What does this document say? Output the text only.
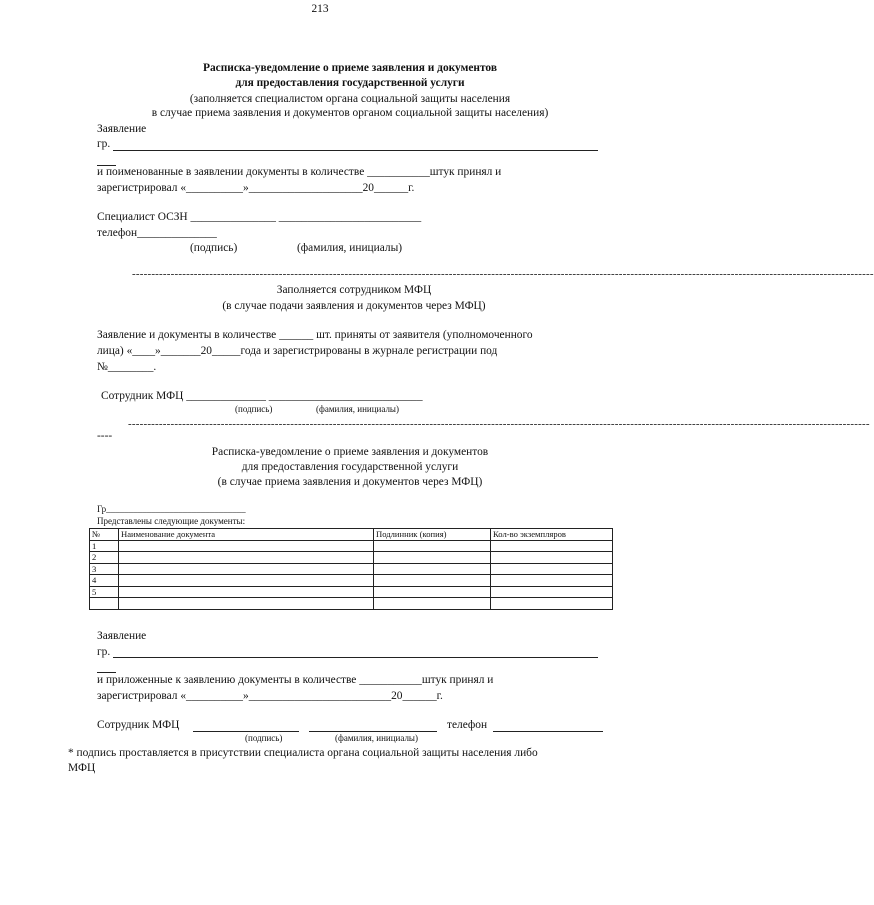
213
Расписка-уведомление о приеме заявления и документов
для предоставления государственной услуги
(заполняется специалистом органа социальной защиты населения
в случае приема заявления и документов органом социальной защиты населения)
Заявление
гр.
и поименованные в заявлении документы в количестве ___________штук принял и
зарегистрировал «__________»____________________20______г.
Специалист ОСЗН _______________ _________________________
телефон______________
(подпись)	(фамилия, инициалы)
------------------------------------------------------------------------------------------------------------------------------------------------------------------------------------------------
Заполняется сотрудником МФЦ
(в случае подачи заявления и документов через МФЦ)
Заявление и документы в количестве ______ шт. приняты от заявителя (уполномоченного
лица) «____»_______20_____года и зарегистрированы в журнале регистрации под
№________.
Сотрудник МФЦ ______________ ___________________________
(подпись)	(фамилия, инициалы)
------------------------------------------------------------------------------------------------------------------------------------------------------------------------------------------------
----
Расписка-уведомление о приеме заявления и документов
для предоставления государственной услуги
(в случае приема заявления и документов через МФЦ)
Гр_______________________________
Представлены следующие документы:
№	Наименование документа	Подлинник (копия)	Кол-во экземпляров
1			
2			
3			
4			
5			

Заявление
гр.
и приложенные к заявлению документы в количестве ___________штук принял и
зарегистрировал «__________»_________________________20______г.
Сотрудник МФЦ	телефон
(подпись)	(фамилия, инициалы)
* подпись проставляется в присутствии специалиста органа социальной защиты населения либо
МФЦ
